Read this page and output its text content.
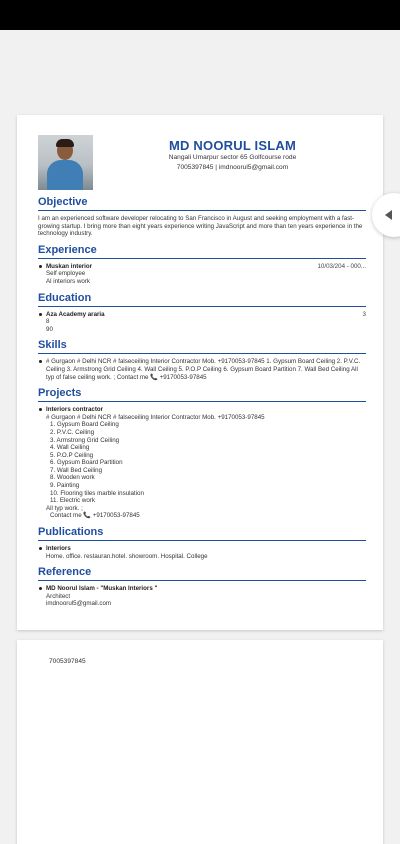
MD NOORUL ISLAM
Nangali Umarpur sector 65 Golfcourse rode
7005397845 | imdnoorul5@gmail.com
Objective
I am an experienced software developer relocating to San Francisco in August and seeking employment with a fast-growing startup. I bring more than eight years experience writing JavaScript and more than ten years experience in the technology industry.
Experience
Muskan interior	10/03/204 - 000...
Self employee
Al interiors work
Education
Aza Academy araria	3
8
90
Skills
# Gurgaon # Delhi NCR # falseceiling Interior Contractor Mob. +9170053-97845 1. Gypsum Board Ceiling 2. P.V.C. Ceiling 3. Armstrong Grid Ceiling 4. Wall Ceiling 5. P.O.P Ceiling 6. Gypsum Board Partition 7. Wall Bed Ceiling All typ of false ceiling work. ; Contact me 📞 +9170053-97845
Projects
Interiors contractor
# Gurgaon # Delhi NCR # falseceiling Interior Contractor Mob. +9170053-97845
1. Gypsum Board Ceiling
2. P.V.C. Ceiling
3. Armstrong Grid Ceiling
4. Wall Ceiling
5. P.O.P Ceiling
6. Gypsum Board Partition
7. Wall Bed Ceiling
8. Wooden work
9. Painting
10. Flooring tiles marble insulation
11. Electric work
All typ work. ;
Contact me 📞 +9170053-97845
Publications
Interiors
Home. office. restauran.hotel. showroom. Hospital. College
Reference
MD Noorul Islam - "Muskan Interiors "
Architect
imdnoorul5@gmail.com
7005397845
